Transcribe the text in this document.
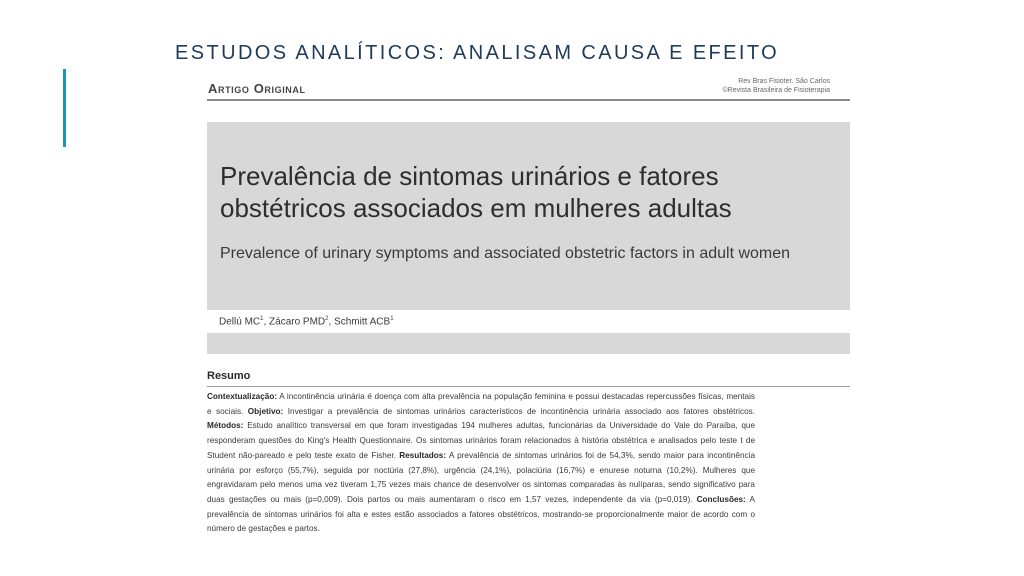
ESTUDOS ANALÍTICOS: ANALISAM CAUSA E EFEITO
Artigo Original	Rev Bras Fisioter. São Carlos
©Revista Brasileira de Fisioterapia
Prevalência de sintomas urinários e fatores obstétricos associados em mulheres adultas
Prevalence of urinary symptoms and associated obstetric factors in adult women
Dellú $MC^1$, Zácaro PMD$^2$, Schmitt ACB$^1$
Resumo
Contextualização: A incontinência urinária é doença com alta prevalência na população feminina e possui destacadas repercussões físicas, mentais e sociais. Objetivo: Investigar a prevalência de sintomas urinários característicos de incontinência urinária associado aos fatores obstétricos. Métodos: Estudo analítico transversal em que foram investigadas 194 mulheres adultas, funcionárias da Universidade do Vale do Paraíba, que responderam questões do King's Health Questionnaire. Os sintomas urinários foram relacionados à história obstétrica e analisados pelo teste t de Student não-pareado e pelo teste exato de Fisher. Resultados: A prevalência de sintomas urinários foi de 54,3%, sendo maior para incontinência urinária por esforço (55,7%), seguida por noctúria (27,8%), urgência (24,1%), polaciúria (16,7%) e enurese noturna (10,2%). Mulheres que engravidaram pelo menos uma vez tiveram 1,75 vezes mais chance de desenvolver os sintomas comparadas às nulíparas, sendo significativo para duas gestações ou mais (p=0,009). Dois partos ou mais aumentaram o risco em 1,57 vezes, independente da via (p=0,019). Conclusões: A prevalência de sintomas urinários foi alta e estes estão associados a fatores obstétricos, mostrando-se proporcionalmente maior de acordo com o número de gestações e partos.
